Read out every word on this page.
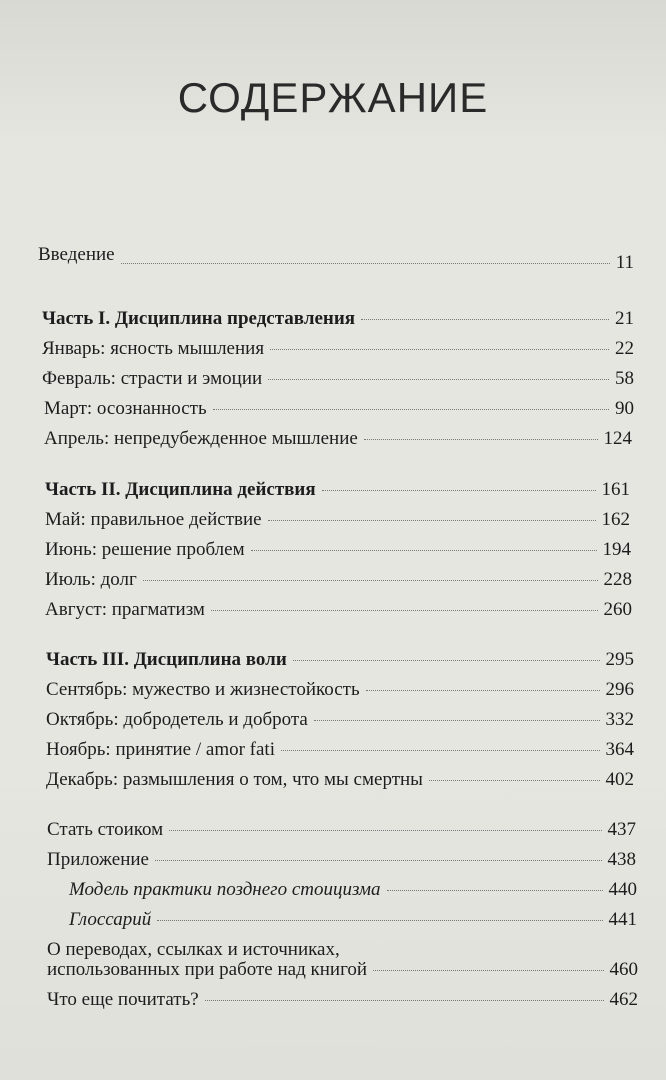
СОДЕРЖАНИЕ
Введение	11
Часть I. Дисциплина представления	21
Январь: ясность мышления	22
Февраль: страсти и эмоции	58
Март: осознанность	90
Апрель: непредубежденное мышление	124
Часть II. Дисциплина действия	161
Май: правильное действие	162
Июнь: решение проблем	194
Июль: долг	228
Август: прагматизм	260
Часть III. Дисциплина воли	295
Сентябрь: мужество и жизнестойкость	296
Октябрь: добродетель и доброта	332
Ноябрь: принятие / amor fati	364
Декабрь: размышления о том, что мы смертны	402
Стать стоиком	437
Приложение	438
Модель практики позднего стоицизма	440
Глоссарий	441
О переводах, ссылках и источниках,
использованных при работе над книгой	460
Что еще почитать?	462
